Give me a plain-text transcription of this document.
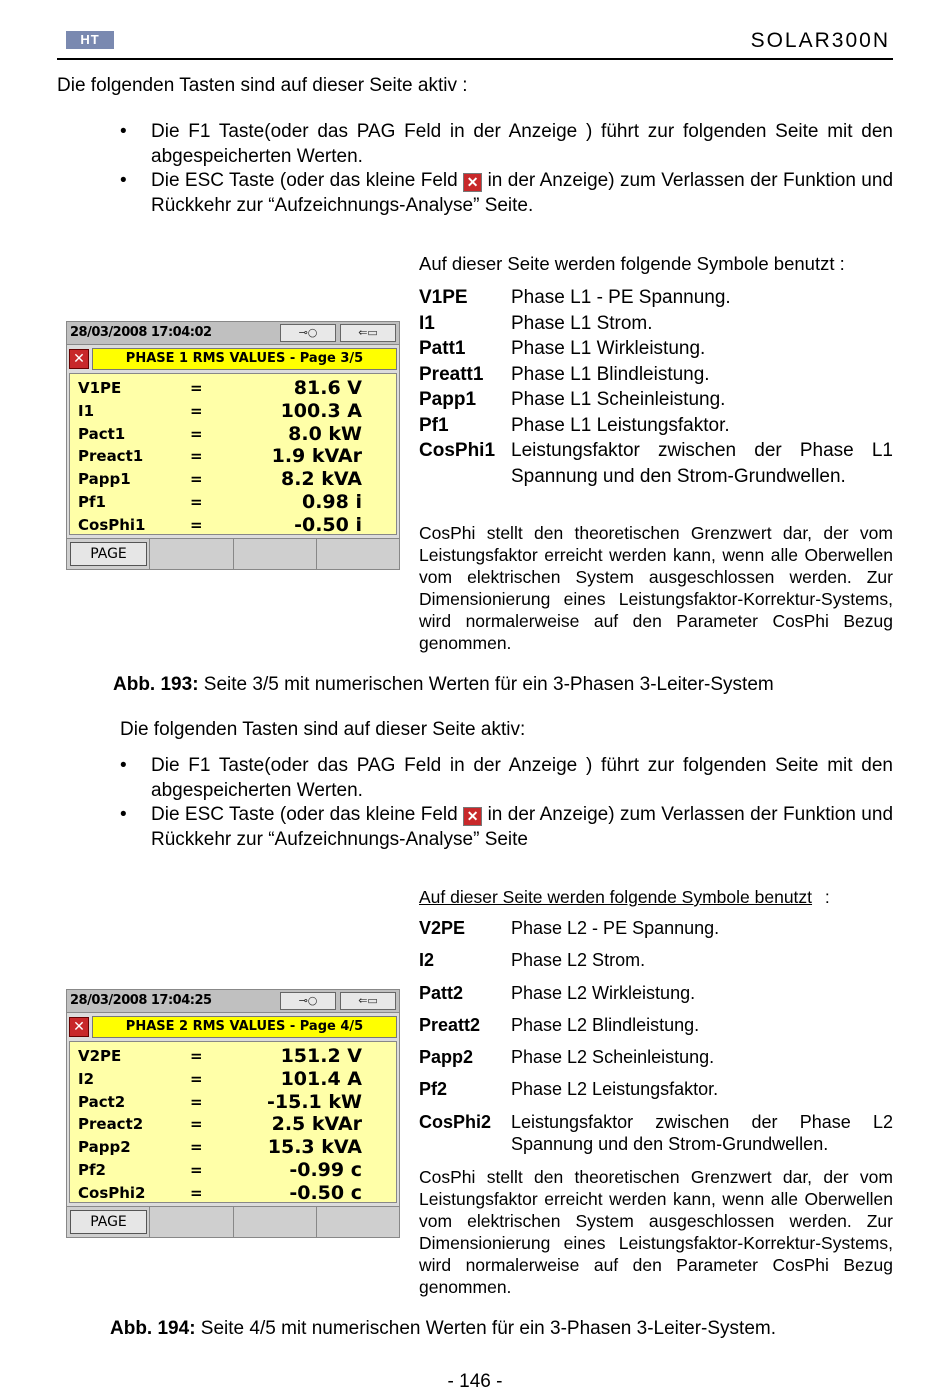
HT	SOLAR300N
Die folgenden Tasten sind auf dieser Seite aktiv :
• Die F1 Taste(oder das PAG Feld in der Anzeige ) führt zur folgenden Seite mit den abgespeicherten Werten.
• Die ESC Taste (oder das kleine Feld ✕ in der Anzeige) zum Verlassen der Funktion und Rückkehr zur “Aufzeichnungs-Analyse” Seite.
Auf dieser Seite werden folgende Symbole benutzt :
V1PE	Phase L1 - PE Spannung.
I1	Phase L1 Strom.
Patt1	Phase L1 Wirkleistung.
Preatt1	Phase L1 Blindleistung.
Papp1	Phase L1 Scheinleistung.
Pf1	Phase L1 Leistungsfaktor.
CosPhi1	Leistungsfaktor zwischen der Phase L1 Spannung und den Strom-Grundwellen.
28/03/2008 17:04:02	⊸○	⇐▭
✕	PHASE 1 RMS VALUES - Page 3/5
V1PE	=	81.6 V
I1	=	100.3 A
Pact1	=	8.0 kW
Preact1	=	1.9 kVAr
Papp1	=	8.2 kVA
Pf1	=	0.98 i
CosPhi1	=	-0.50 i
PAGE
CosPhi stellt den theoretischen Grenzwert dar, der vom Leistungsfaktor erreicht werden kann, wenn alle Oberwellen vom elektrischen System ausgeschlossen werden. Zur Dimensionierung eines Leistungsfaktor-Korrektur-Systems, wird normalerweise auf den Parameter CosPhi Bezug genommen.
Abb. 193: Seite 3/5 mit numerischen Werten für ein 3-Phasen 3-Leiter-System
Die folgenden Tasten sind auf dieser Seite aktiv:
• Die F1 Taste(oder das PAG Feld in der Anzeige ) führt zur folgenden Seite mit den abgespeicherten Werten.
• Die ESC Taste (oder das kleine Feld ✕ in der Anzeige) zum Verlassen der Funktion und Rückkehr zur “Aufzeichnungs-Analyse” Seite
Auf dieser Seite werden folgende Symbole benutzt :
V2PE	Phase L2 - PE Spannung.
I2	Phase L2 Strom.
Patt2	Phase L2 Wirkleistung.
Preatt2	Phase L2 Blindleistung.
Papp2	Phase L2 Scheinleistung.
Pf2	Phase L2 Leistungsfaktor.
CosPhi2	Leistungsfaktor zwischen der Phase L2 Spannung und den Strom-Grundwellen.
28/03/2008 17:04:25	⊸○	⇐▭
✕	PHASE 2 RMS VALUES - Page 4/5
V2PE	=	151.2 V
I2	=	101.4 A
Pact2	=	-15.1 kW
Preact2	=	2.5 kVAr
Papp2	=	15.3 kVA
Pf2	=	-0.99 c
CosPhi2	=	-0.50 c
PAGE
CosPhi stellt den theoretischen Grenzwert dar, der vom Leistungsfaktor erreicht werden kann, wenn alle Oberwellen vom elektrischen System ausgeschlossen werden. Zur Dimensionierung eines Leistungsfaktor-Korrektur-Systems, wird normalerweise auf den Parameter CosPhi Bezug genommen.
Abb. 194: Seite 4/5 mit numerischen Werten für ein 3-Phasen 3-Leiter-System.
- 146 -
